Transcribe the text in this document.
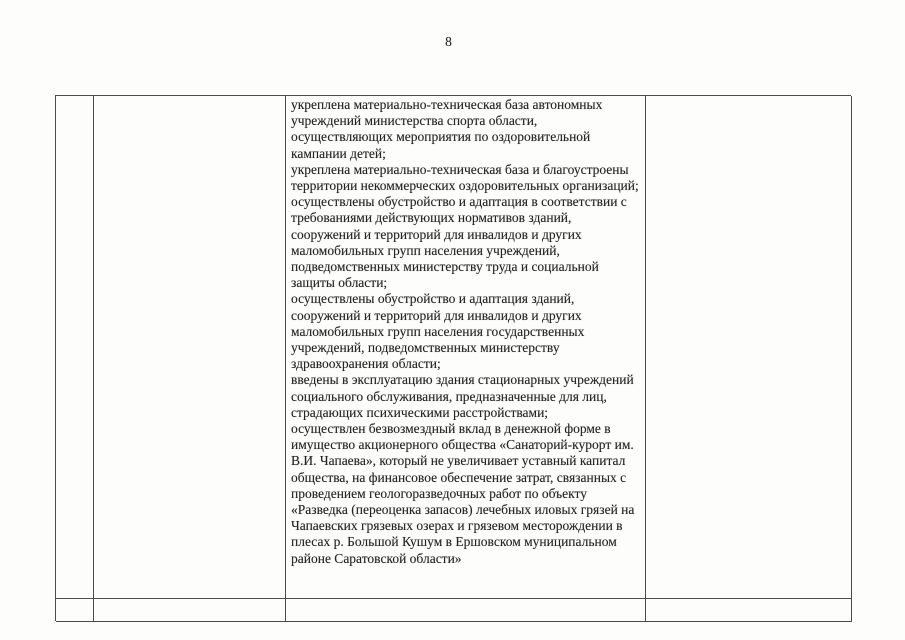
8

укреплена материально-техническая база автономных учреждений министерства спорта области, осуществляющих мероприятия по оздоровительной кампании детей;

укреплена материально-техническая база и благоустроены территории некоммерческих оздоровительных организаций;

осуществлены обустройство и адаптация в соответствии с требованиями действующих нормативов зданий, сооружений и территорий для инвалидов и других маломобильных групп населения учреждений, подведомственных министерству труда и социальной защиты области;

осуществлены обустройство и адаптация зданий, сооружений и территорий для инвалидов и других маломобильных групп населения государственных учреждений, подведомственных министерству здравоохранения области;

введены в эксплуатацию здания стационарных учреждений социального обслуживания, предназначенные для лиц, страдающих психическими расстройствами;

осуществлен безвозмездный вклад в денежной форме в имущество акционерного общества «Санаторий-курорт им. В.И. Чапаева», который не увеличивает уставный капитал общества, на финансовое обеспечение затрат, связанных с проведением геологоразведочных работ по объекту «Разведка (переоценка запасов) лечебных иловых грязей на Чапаевских грязевых озерах и грязевом месторождении в плесах р. Большой Кушум в Ершовском муниципальном районе Саратовской области»
